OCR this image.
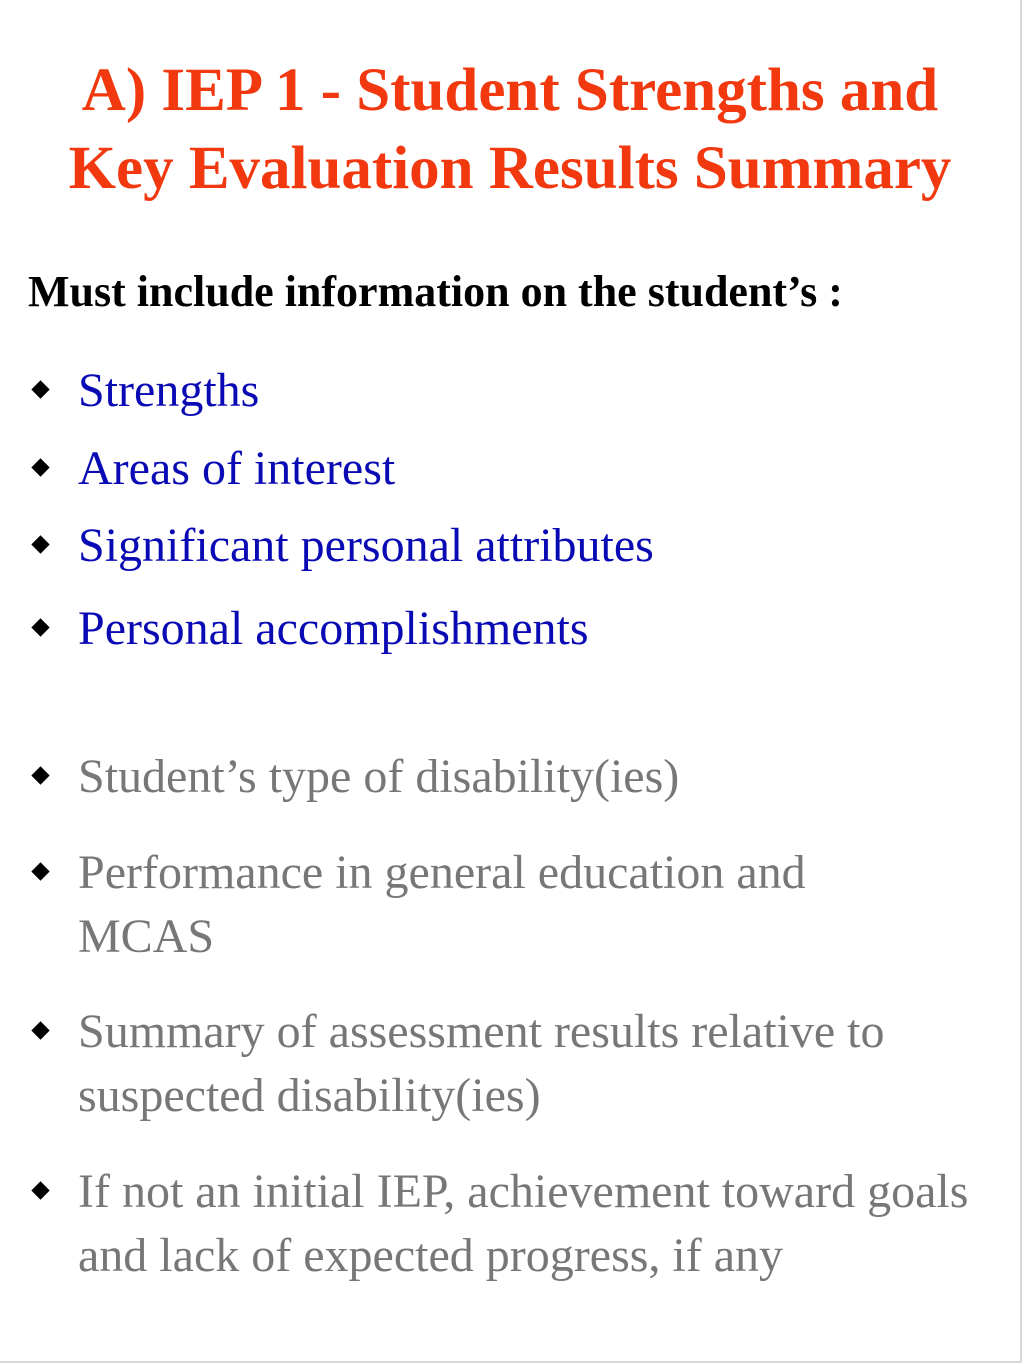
A) IEP 1 - Student Strengths and
Key Evaluation Results Summary

Must include information on the student’s :

Strengths
Areas of interest
Significant personal attributes
Personal accomplishments
Student’s type of disability(ies)
Performance in general education and MCAS
Summary of assessment results relative to suspected disability(ies)
If not an initial IEP, achievement toward goals and lack of expected progress, if any
